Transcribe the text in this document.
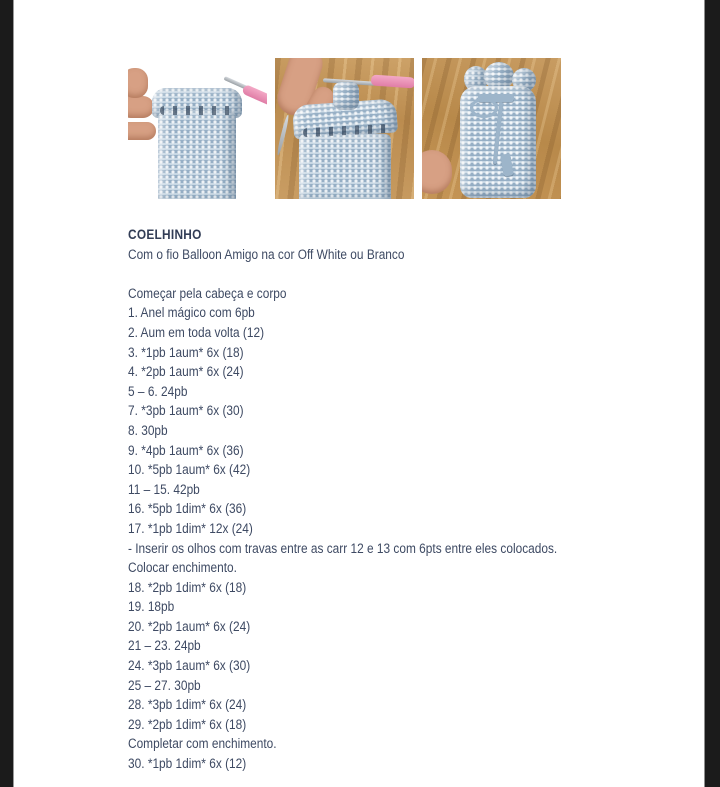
COELHINHO
Com o fio Balloon Amigo na cor Off White ou Branco
Começar pela cabeça e corpo
1. Anel mágico com 6pb
2. Aum em toda volta (12)
3. *1pb 1aum* 6x (18)
4. *2pb 1aum* 6x (24)
5 – 6. 24pb
7. *3pb 1aum* 6x (30)
8. 30pb
9. *4pb 1aum* 6x (36)
10. *5pb 1aum* 6x (42)
11 – 15. 42pb
16. *5pb 1dim* 6x (36)
17. *1pb 1dim* 12x (24)
- Inserir os olhos com travas entre as carr 12 e 13 com 6pts entre eles colocados.
Colocar enchimento.
18. *2pb 1dim* 6x (18)
19. 18pb
20. *2pb 1aum* 6x (24)
21 – 23. 24pb
24. *3pb 1aum* 6x (30)
25 – 27. 30pb
28. *3pb 1dim* 6x (24)
29. *2pb 1dim* 6x (18)
Completar com enchimento.
30. *1pb 1dim* 6x (12)
